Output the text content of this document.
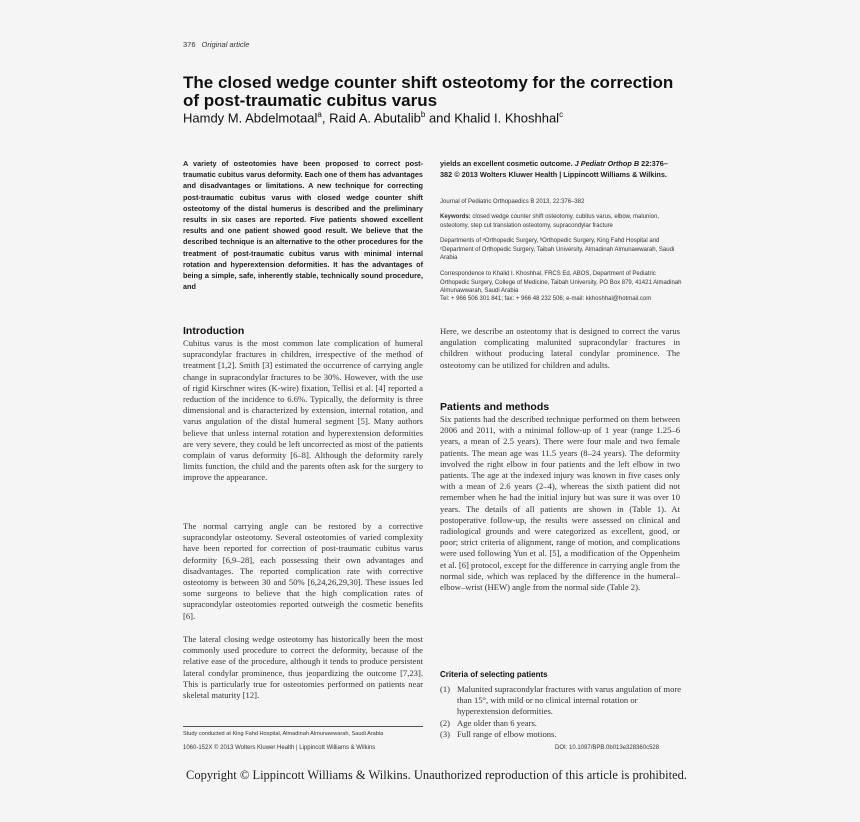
376 Original article
The closed wedge counter shift osteotomy for the correction of post-traumatic cubitus varus
Hamdy M. Abdelmotaal$^a$, Raid A. Abutalib$^b$ and Khalid I. Khoshhal$^c$
A variety of osteotomies have been proposed to correct post-traumatic cubitus varus deformity. Each one of them has advantages and disadvantages or limitations. A new technique for correcting post-traumatic cubitus varus with closed wedge counter shift osteotomy of the distal humerus is described and the preliminary results in six cases are reported. Five patients showed excellent results and one patient showed good result. We believe that the described technique is an alternative to the other procedures for the treatment of post-traumatic cubitus varus with minimal internal rotation and hyperextension deformities. It has the advantages of being a simple, safe, inherently stable, technically sound procedure, and
yields an excellent cosmetic outcome. J Pediatr Orthop B 22:376–382 © 2013 Wolters Kluwer Health | Lippincott Williams & Wilkins.
Journal of Pediatric Orthopaedics B 2013, 22:376–382
Keywords: closed wedge counter shift osteotomy, cubitus varus, elbow, malunion, osteotomy, step cut translation osteotomy, supracondylar fracture
Departments of ᵃOrthopedic Surgery, ᵇOrthopedic Surgery, King Fahd Hospital and ᶜDepartment of Orthopedic Surgery, Taibah University, Almadinah Almunawwarah, Saudi Arabia
Correspondence to Khalid I. Khoshhal, FRCS Ed, ABOS, Department of Pediatric Orthopedic Surgery, College of Medicine, Taibah University, PO Box 879, 41421 Almadinah Almunawwarah, Saudi Arabia
Tel: + 966 506 301 841; fax: + 966 48 232 506; e-mail: kkhoshhal@hotmail.com
Introduction
Cubitus varus is the most common late complication of humeral supracondylar fractures in children, irrespective of the method of treatment [1,2]. Smith [3] estimated the occurrence of carrying angle change in supracondylar fractures to be 30%. However, with the use of rigid Kirschner wires (K-wire) fixation, Tellisi et al. [4] reported a reduction of the incidence to 6.6%. Typically, the deformity is three dimensional and is characterized by extension, internal rotation, and varus angulation of the distal humeral segment [5]. Many authors believe that unless internal rotation and hyperextension deformities are very severe, they could be left uncorrected as most of the patients complain of varus deformity [6–8]. Although the deformity rarely limits function, the child and the parents often ask for the surgery to improve the appearance.
The normal carrying angle can be restored by a corrective supracondylar osteotomy. Several osteotomies of varied complexity have been reported for correction of post-traumatic cubitus varus deformity [6,9–28], each possessing their own advantages and disadvantages. The reported complication rate with corrective osteotomy is between 30 and 50% [6,24,26,29,30]. These issues led some surgeons to believe that the high complication rates of supracondylar osteotomies reported outweigh the cosmetic benefits [6].
The lateral closing wedge osteotomy has historically been the most commonly used procedure to correct the deformity, because of the relative ease of the procedure, although it tends to produce persistent lateral condylar prominence, thus jeopardizing the outcome [7,23]. This is particularly true for osteotomies performed on patients near skeletal maturity [12].
Here, we describe an osteotomy that is designed to correct the varus angulation complicating malunited supracondylar fractures in children without producing lateral condylar prominence. The osteotomy can be utilized for children and adults.
Patients and methods
Six patients had the described technique performed on them between 2006 and 2011, with a minimal follow-up of 1 year (range 1.25–6 years, a mean of 2.5 years). There were four male and two female patients. The mean age was 11.5 years (8–24 years). The deformity involved the right elbow in four patients and the left elbow in two patients. The age at the indexed injury was known in five cases only with a mean of 2.6 years (2–4), whereas the sixth patient did not remember when he had the initial injury but was sure it was over 10 years. The details of all patients are shown in (Table 1). At postoperative follow-up, the results were assessed on clinical and radiological grounds and were categorized as excellent, good, or poor; strict criteria of alignment, range of motion, and complications were used following Yun et al. [5], a modification of the Oppenheim et al. [6] protocol, except for the difference in carrying angle from the normal side, which was replaced by the difference in the humeral–elbow–wrist (HEW) angle from the normal side (Table 2).
Criteria of selecting patients
(1) Malunited supracondylar fractures with varus angulation of more than 15°, with mild or no clinical internal rotation or hyperextension deformities.
(2) Age older than 6 years.
(3) Full range of elbow motions.
Study conducted at King Fahd Hospital, Almadinah Almunawwarah, Saudi Arabia
1060-152X © 2013 Wolters Kluwer Health | Lippincott Williams & Wilkins	DOI: 10.1097/BPB.0b013e328360c528
Copyright © Lippincott Williams & Wilkins. Unauthorized reproduction of this article is prohibited.
